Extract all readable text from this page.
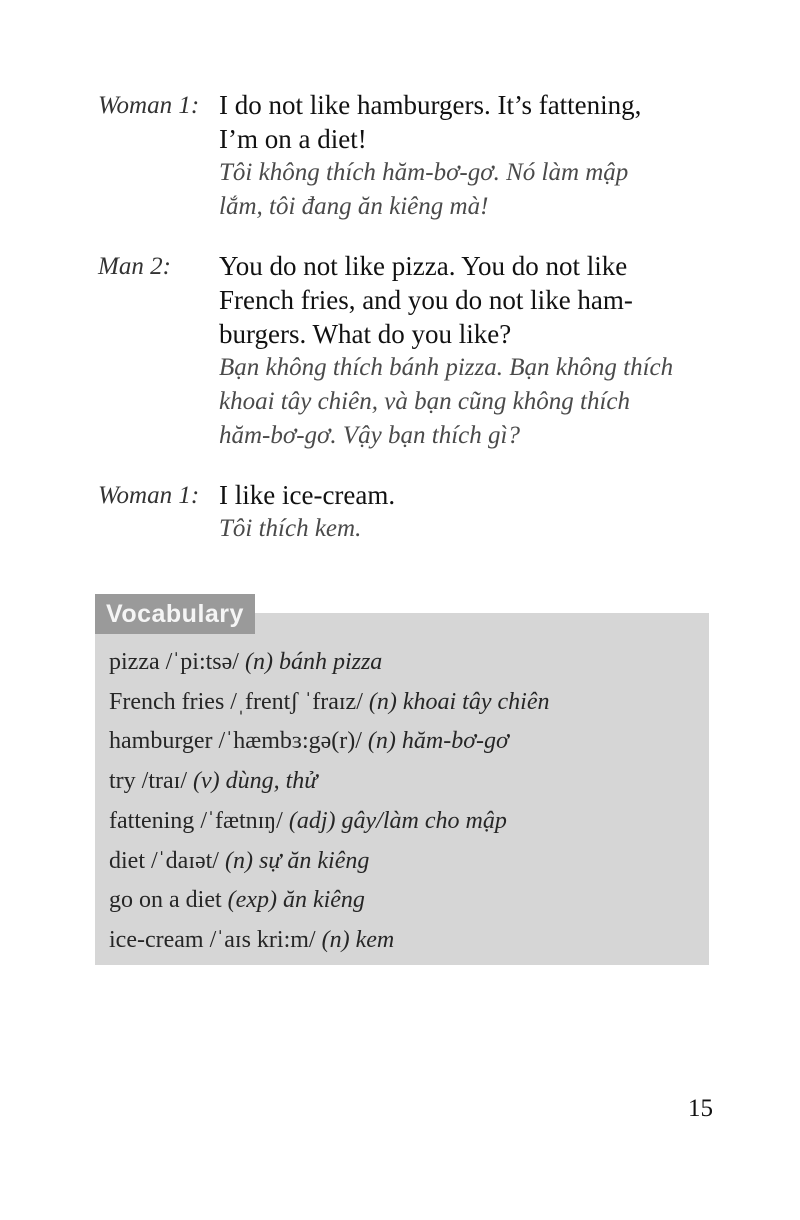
Woman 1: I do not like hamburgers. It’s fattening,

I’m on a diet!

Tôi không thích hăm-bơ-gơ. Nó làm mập

lắm, tôi đang ăn kiêng mà!

Man 2: You do not like pizza. You do not like

French fries, and you do not like ham-

burgers. What do you like?

Bạn không thích bánh pizza. Bạn không thích

khoai tây chiên, và bạn cũng không thích

hăm-bơ-gơ. Vậy bạn thích gì?

Woman 1: I like ice-cream.

Tôi thích kem.

Vocabulary
pizza /ˈpi:tsə/ (n) bánh pizza
French fries /ˌfrentʃ ˈfraɪz/ (n) khoai tây chiên
hamburger /ˈhæmbɜ:gə(r)/ (n) hăm-bơ-gơ
try /traɪ/ (v) dùng, thử
fattening /ˈfætnɪŋ/ (adj) gây/làm cho mập
diet /ˈdaɪət/ (n) sự ăn kiêng
go on a diet (exp) ăn kiêng
ice-cream /ˈaɪs kri:m/ (n) kem
15
